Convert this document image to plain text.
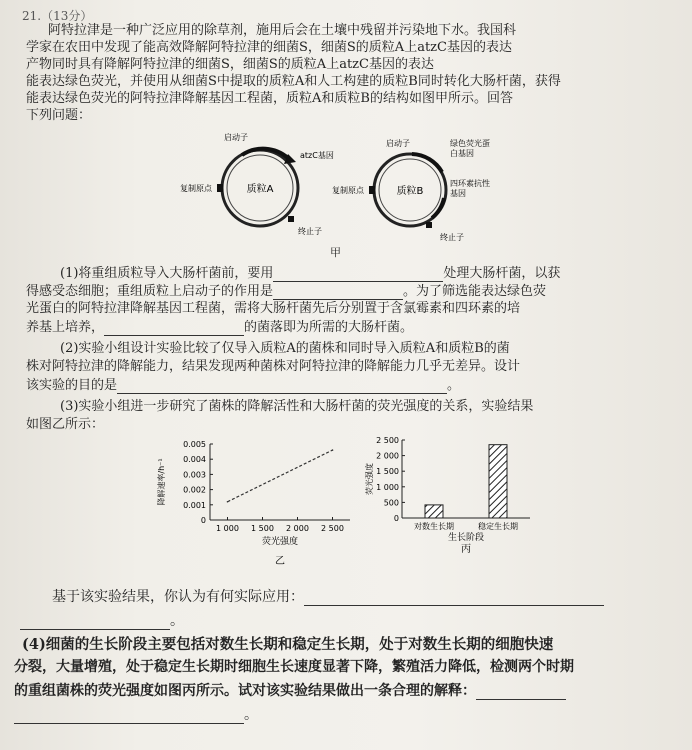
21.（13分）
阿特拉津是一种广泛应用的除草剂，施用后会在土壤中残留并污染地下水。我国科
学家在农田中发现了能高效降解阿特拉津的细菌S，细菌S的质粒A上atzC基因的表达
产物同时具有降解阿特拉津的细菌S，细菌S的质粒A上atzC基因的表达
能表达绿色荧光，并使用从细菌S中提取的质粒A和人工构建的质粒B同时转化大肠杆菌，获得
能表达绿色荧光的阿特拉津降解基因工程菌，质粒A和质粒B的结构如图甲所示。回答
下列问题：
质粒A
启动子
atzC基因
复制原点
终止子
质粒B
启动子	绿色荧光蛋
白基因
四环素抗性
基因
复制原点
终止子
甲
(1)将重组质粒导入大肠杆菌前，要用	处理大肠杆菌，以获
得感受态细胞；重组质粒上启动子的作用是	。为了筛选能表达绿色荧
光蛋白的阿特拉津降解基因工程菌，需将大肠杆菌先后分别置于含氯霉素和四环素的培
养基上培养，	的菌落即为所需的大肠杆菌。
(2)实验小组设计实验比较了仅导入质粒A的菌株和同时导入质粒A和质粒B的菌
株对阿特拉津的降解能力，结果发现两种菌株对阿特拉津的降解能力几乎无差异。设计
该实验的目的是	。
(3)实验小组进一步研究了菌株的降解活性和大肠杆菌的荧光强度的关系，实验结果
如图乙所示：
0
0.001
0.002
0.003
0.004
0.005
1 000 1 500 2 000 2 500
降解速率/h⁻¹
荧光强度
乙
0
500
1 000
1 500
2 000
2 500
对数生长期	稳定生长期
荧光强度
生长阶段
丙
基于该实验结果，你认为有何实际应用：
。
(4)细菌的生长阶段主要包括对数生长期和稳定生长期，处于对数生长期的细胞快速
分裂，大量增殖，处于稳定生长期时细胞生长速度显著下降，繁殖活力降低，检测两个时期
的重组菌株的荧光强度如图丙所示。试对该实验结果做出一条合理的解释：
。
